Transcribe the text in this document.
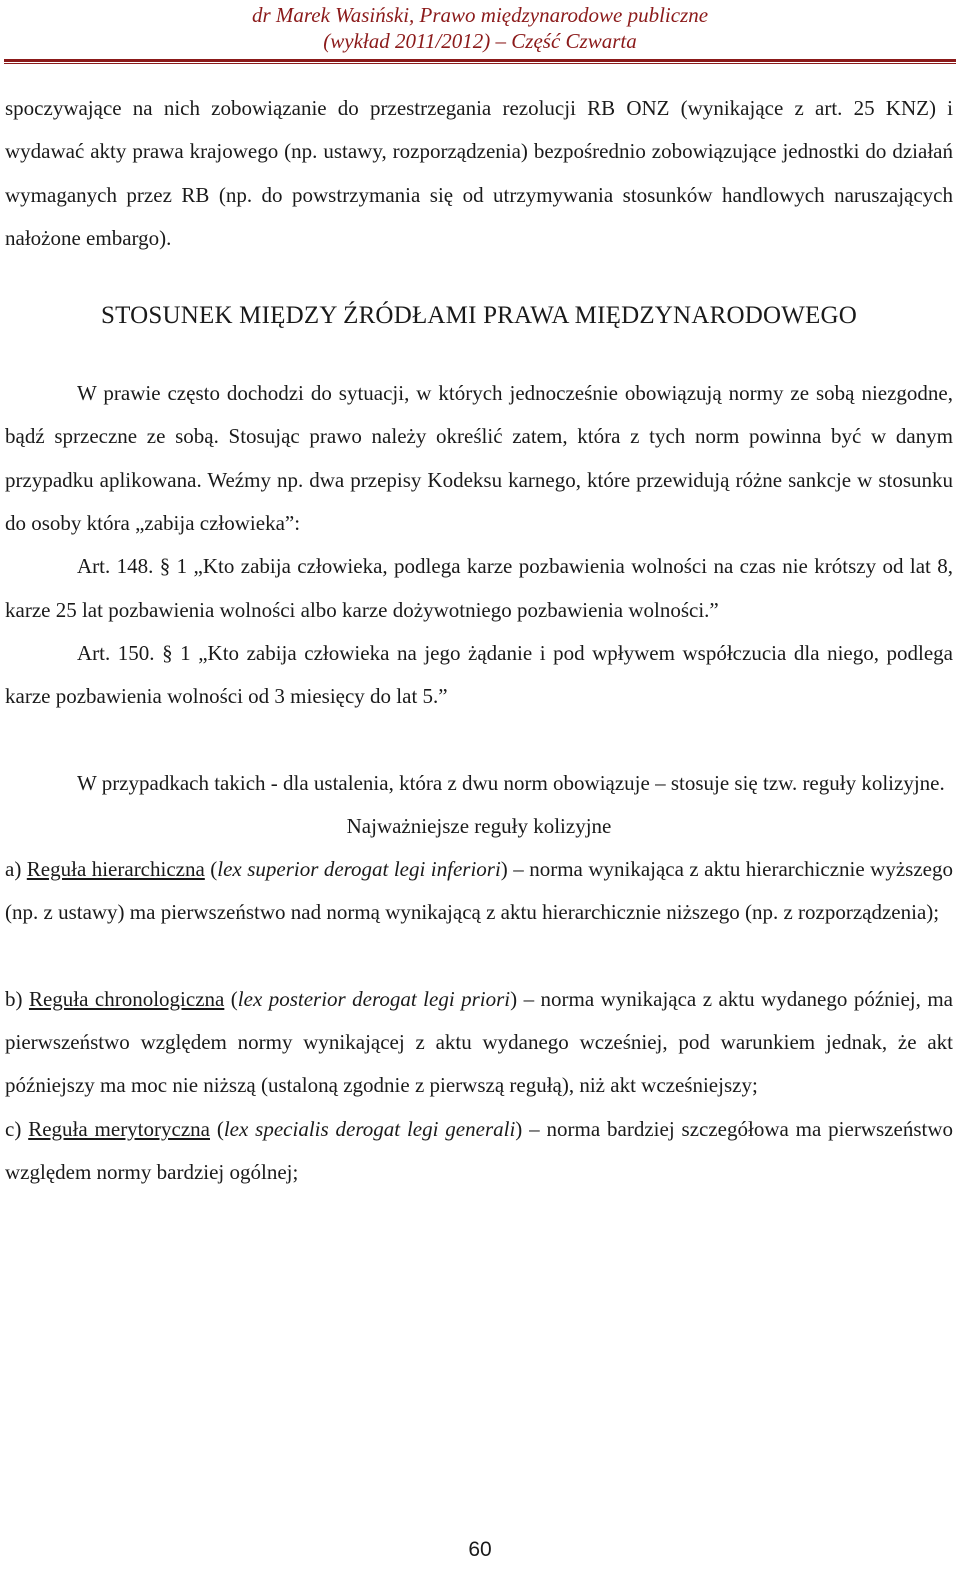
dr Marek Wasiński, Prawo międzynarodowe publiczne
(wykład 2011/2012) – Część Czwarta

spoczywające na nich zobowiązanie do przestrzegania rezolucji RB ONZ (wynikające z art. 25 KNZ) i wydawać akty prawa krajowego (np. ustawy, rozporządzenia) bezpośrednio zobowiązujące jednostki do działań wymaganych przez RB (np. do powstrzymania się od utrzymywania stosunków handlowych naruszających nałożone embargo).

STOSUNEK MIĘDZY ŹRÓDŁAMI PRAWA MIĘDZYNARODOWEGO

W prawie często dochodzi do sytuacji, w których jednocześnie obowiązują normy ze sobą niezgodne, bądź sprzeczne ze sobą. Stosując prawo należy określić zatem, która z tych norm powinna być w danym przypadku aplikowana. Weźmy np. dwa przepisy Kodeksu karnego, które przewidują różne sankcje w stosunku do osoby która „zabija człowieka”:

Art. 148. § 1 „Kto zabija człowieka, podlega karze pozbawienia wolności na czas nie krótszy od lat 8, karze 25 lat pozbawienia wolności albo karze dożywotniego pozbawienia wolności.”

Art. 150. § 1 „Kto zabija człowieka na jego żądanie i pod wpływem współczucia dla niego, podlega karze pozbawienia wolności od 3 miesięcy do lat 5.”

W przypadkach takich - dla ustalenia, która z dwu norm obowiązuje – stosuje się tzw. reguły kolizyjne.

Najważniejsze reguły kolizyjne

a) Reguła hierarchiczna (lex superior derogat legi inferiori) – norma wynikająca z aktu hierarchicznie wyższego (np. z ustawy) ma pierwszeństwo nad normą wynikającą z aktu hierarchicznie niższego (np. z rozporządzenia);

b) Reguła chronologiczna (lex posterior derogat legi priori) – norma wynikająca z aktu wydanego później, ma pierwszeństwo względem normy wynikającej z aktu wydanego wcześniej, pod warunkiem jednak, że akt późniejszy ma moc nie niższą (ustaloną zgodnie z pierwszą regułą), niż akt wcześniejszy;

c) Reguła merytoryczna (lex specialis derogat legi generali) – norma bardziej szczegółowa ma pierwszeństwo względem normy bardziej ogólnej;

60
